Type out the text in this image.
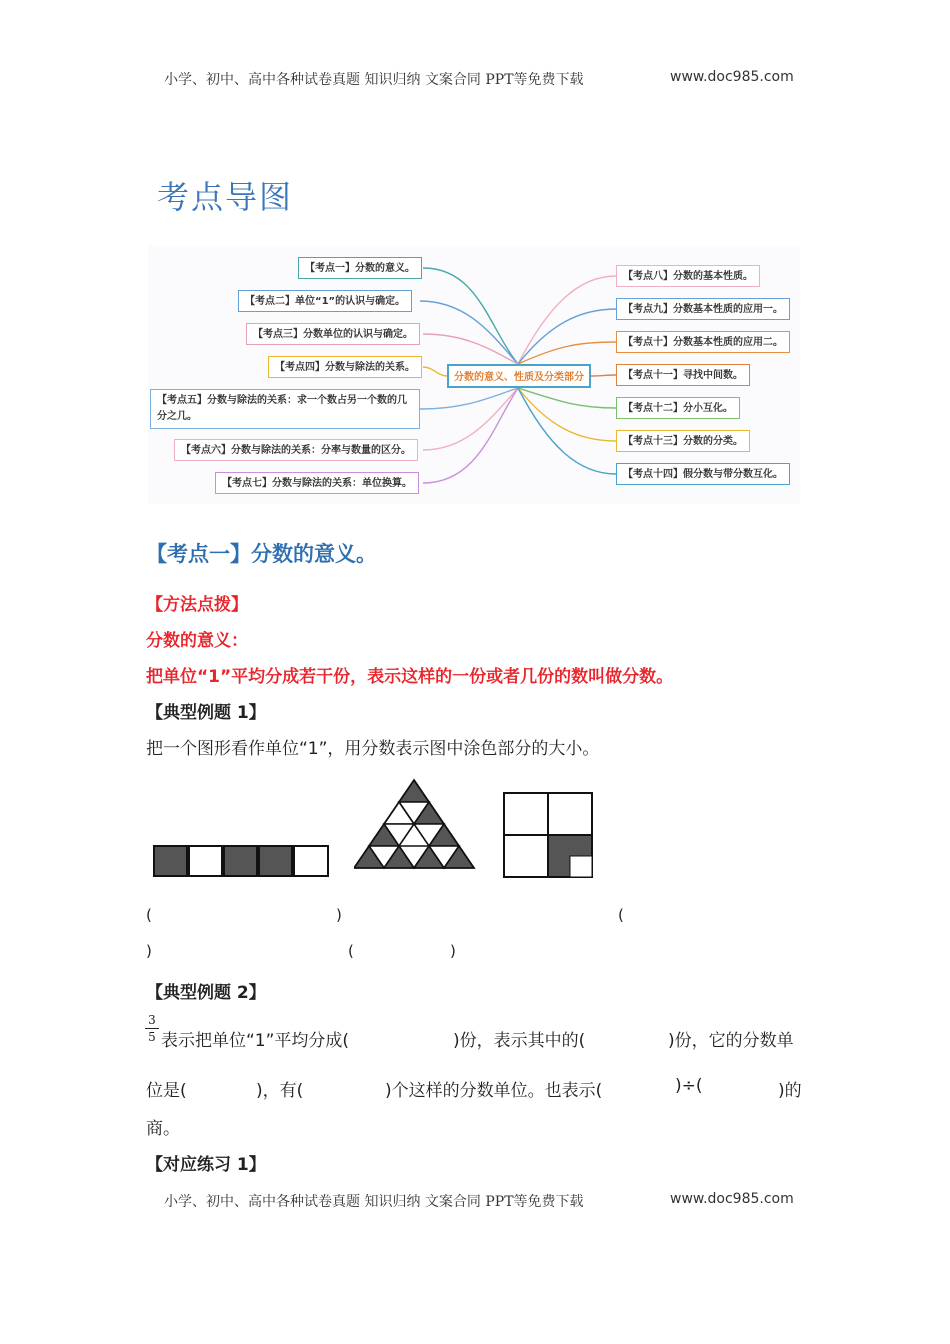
小学、初中、高中各种试卷真题 知识归纳 文案合同 PPT等免费下载	www.doc985.com
考点导图
【考点一】分数的意义。
【考点二】单位“1”的认识与确定。
【考点三】分数单位的认识与确定。
【考点四】分数与除法的关系。
【考点五】分数与除法的关系：求一个数占另一个数的几分之几。
【考点六】分数与除法的关系：分率与数量的区分。
【考点七】分数与除法的关系：单位换算。
分数的意义、性质及分类部分
【考点八】分数的基本性质。
【考点九】分数基本性质的应用一。
【考点十】分数基本性质的应用二。
【考点十一】寻找中间数。
【考点十二】分小互化。
【考点十三】分数的分类。
【考点十四】假分数与带分数互化。
【考点一】分数的意义。
【方法点拨】
分数的意义：
把单位“1”平均分成若干份，表示这样的一份或者几份的数叫做分数。
【典型例题 1】
把一个图形看作单位“1”，用分数表示图中涂色部分的大小。
(	)	(
)	(	)
【典型例题 2】
3
5 表示把单位“1”平均分成(	)份，表示其中的(	)份，它的分数单
位是(	)，有(	)个这样的分数单位。也表示(	)÷(	)的
商。
【对应练习 1】
小学、初中、高中各种试卷真题 知识归纳 文案合同 PPT等免费下载	www.doc985.com
